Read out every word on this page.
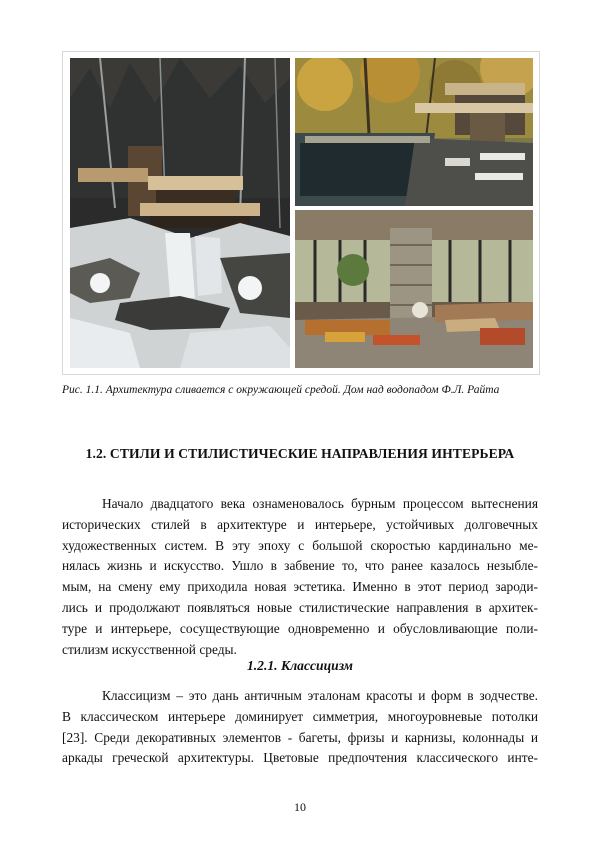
Рис. 1.1. Архитектура сливается с окружающей средой. Дом над водопадом Ф.Л. Райта
1.2. СТИЛИ И СТИЛИСТИЧЕСКИЕ НАПРАВЛЕНИЯ ИНТЕРЬЕРА
Начало двадцатого века ознаменовалось бурным процессом вытеснения
исторических стилей в архитектуре и интерьере, устойчивых долговечных
художественных систем. В эту эпоху с большой скоростью кардинально ме-
нялась жизнь и искусство. Ушло в забвение то, что ранее казалось незыбле-
мым, на смену ему приходила новая эстетика. Именно в этот период зароди-
лись и продолжают появляться новые стилистические направления в архитек-
туре и интерьере, сосуществующие одновременно и обусловливающие поли-
стилизм искусственной среды.
1.2.1. Классицизм
Классицизм – это дань античным эталонам красоты и форм в зодчестве.
В классическом интерьере доминирует симметрия, многоуровневые потолки
[23]. Среди декоративных элементов - багеты, фризы и карнизы, колоннады и
аркады греческой архитектуры. Цветовые предпочтения классического инте-
10
